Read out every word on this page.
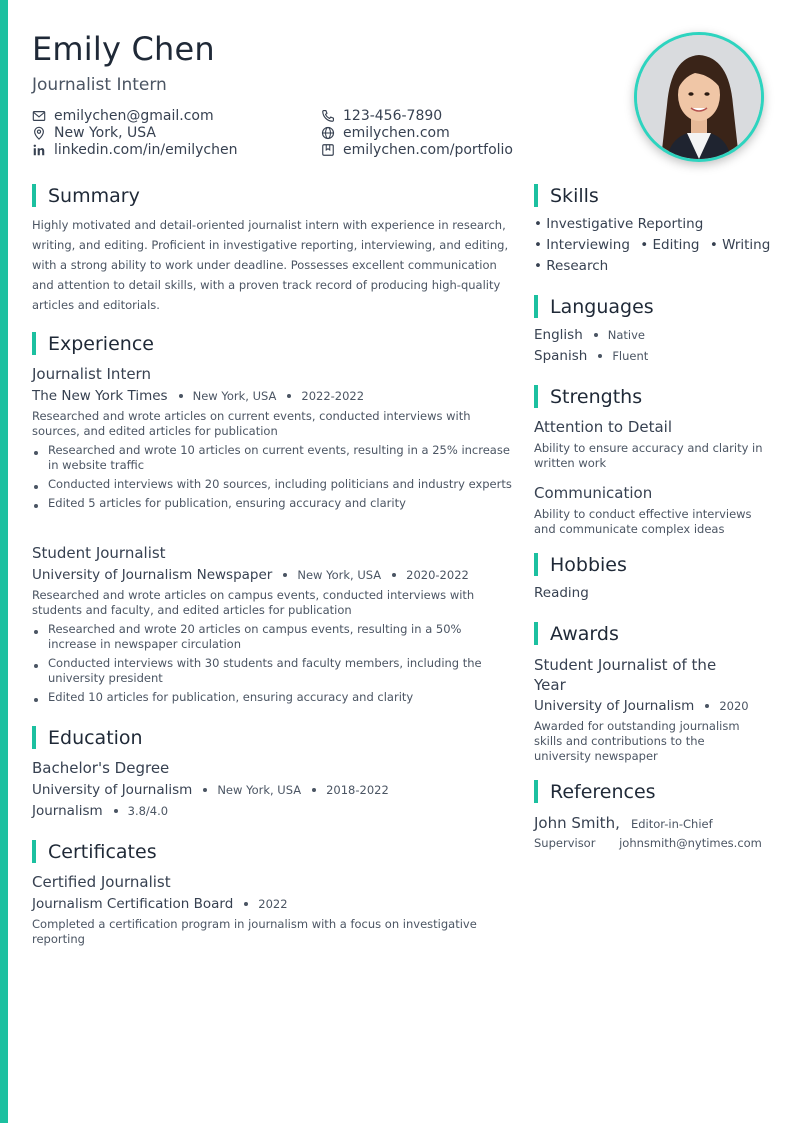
Emily Chen
Journalist Intern
emilychen@gmail.com
New York, USA
linkedin.com/in/emilychen
123-456-7890
emilychen.com
emilychen.com/portfolio
Summary
Highly motivated and detail-oriented journalist intern with experience in research, writing, and editing. Proficient in investigative reporting, interviewing, and editing, with a strong ability to work under deadline. Possesses excellent communication and attention to detail skills, with a proven track record of producing high-quality articles and editorials.
Experience
Journalist Intern
The New York Times New York, USA 2022-2022
Researched and wrote articles on current events, conducted interviews with sources, and edited articles for publication
Researched and wrote 10 articles on current events, resulting in a 25% increase in website traffic
Conducted interviews with 20 sources, including politicians and industry experts
Edited 5 articles for publication, ensuring accuracy and clarity
Student Journalist
University of Journalism Newspaper New York, USA 2020-2022
Researched and wrote articles on campus events, conducted interviews with students and faculty, and edited articles for publication
Researched and wrote 20 articles on campus events, resulting in a 50% increase in newspaper circulation
Conducted interviews with 30 students and faculty members, including the university president
Edited 10 articles for publication, ensuring accuracy and clarity
Education
Bachelor's Degree
University of Journalism New York, USA 2018-2022
Journalism 3.8/4.0
Certificates
Certified Journalist
Journalism Certification Board 2022
Completed a certification program in journalism with a focus on investigative reporting
Skills
• Investigative Reporting
• Interviewing • Editing • Writing
• Research
Languages
English Native
Spanish Fluent
Strengths
Attention to Detail
Ability to ensure accuracy and clarity in written work
Communication
Ability to conduct effective interviews and communicate complex ideas
Hobbies
Reading
Awards
Student Journalist of the Year
University of Journalism 2020
Awarded for outstanding journalism skills and contributions to the university newspaper
References
John Smith, Editor-in-Chief
Supervisor johnsmith@nytimes.com
